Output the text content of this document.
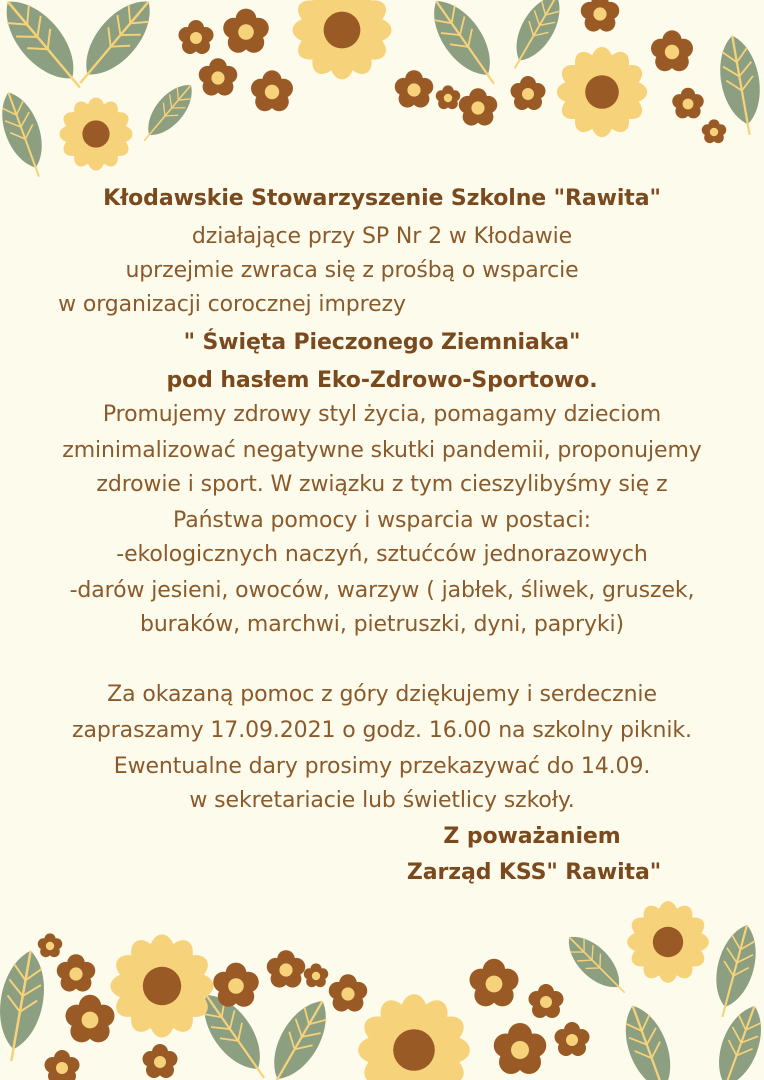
Kłodawskie Stowarzyszenie Szkolne "Rawita"
działające przy SP Nr 2 w Kłodawie
uprzejmie zwraca się z prośbą o wsparcie
w organizacji corocznej imprezy
" Święta Pieczonego Ziemniaka"
pod hasłem Eko-Zdrowo-Sportowo.
Promujemy zdrowy styl życia, pomagamy dzieciom
zminimalizować negatywne skutki pandemii, proponujemy
zdrowie i sport. W związku z tym cieszylibyśmy się z
Państwa pomocy i wsparcia w postaci:
-ekologicznych naczyń, sztućców jednorazowych
-darów jesieni, owoców, warzyw ( jabłek, śliwek, gruszek,
buraków, marchwi, pietruszki, dyni, papryki)
Za okazaną pomoc z góry dziękujemy i serdecznie
zapraszamy 17.09.2021 o godz. 16.00 na szkolny piknik.
Ewentualne dary prosimy przekazywać do 14.09.
w sekretariacie lub świetlicy szkoły.
Z poważaniem
Zarząd KSS" Rawita"
